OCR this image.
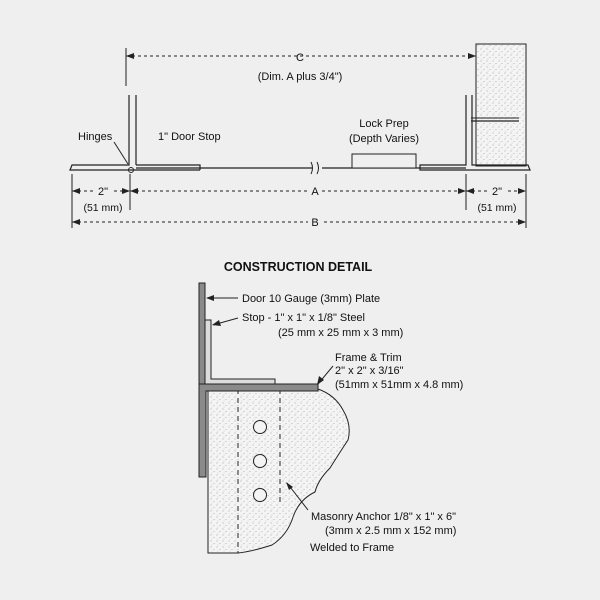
C
(Dim. A plus 3/4")
Hinges	1" Door Stop
Lock Prep
(Depth Varies)
2"
(51 mm)
A	2"
(51 mm)
B
CONSTRUCTION DETAIL
Door 10 Gauge (3mm) Plate
Stop - 1" x 1" x 1/8" Steel
(25 mm x 25 mm x 3 mm)
Frame & Trim
2" x 2" x 3/16"
(51mm x 51mm x 4.8 mm)
Masonry Anchor 1/8" x 1" x 6"
(3mm x 2.5 mm x 152 mm)
Welded to Frame
